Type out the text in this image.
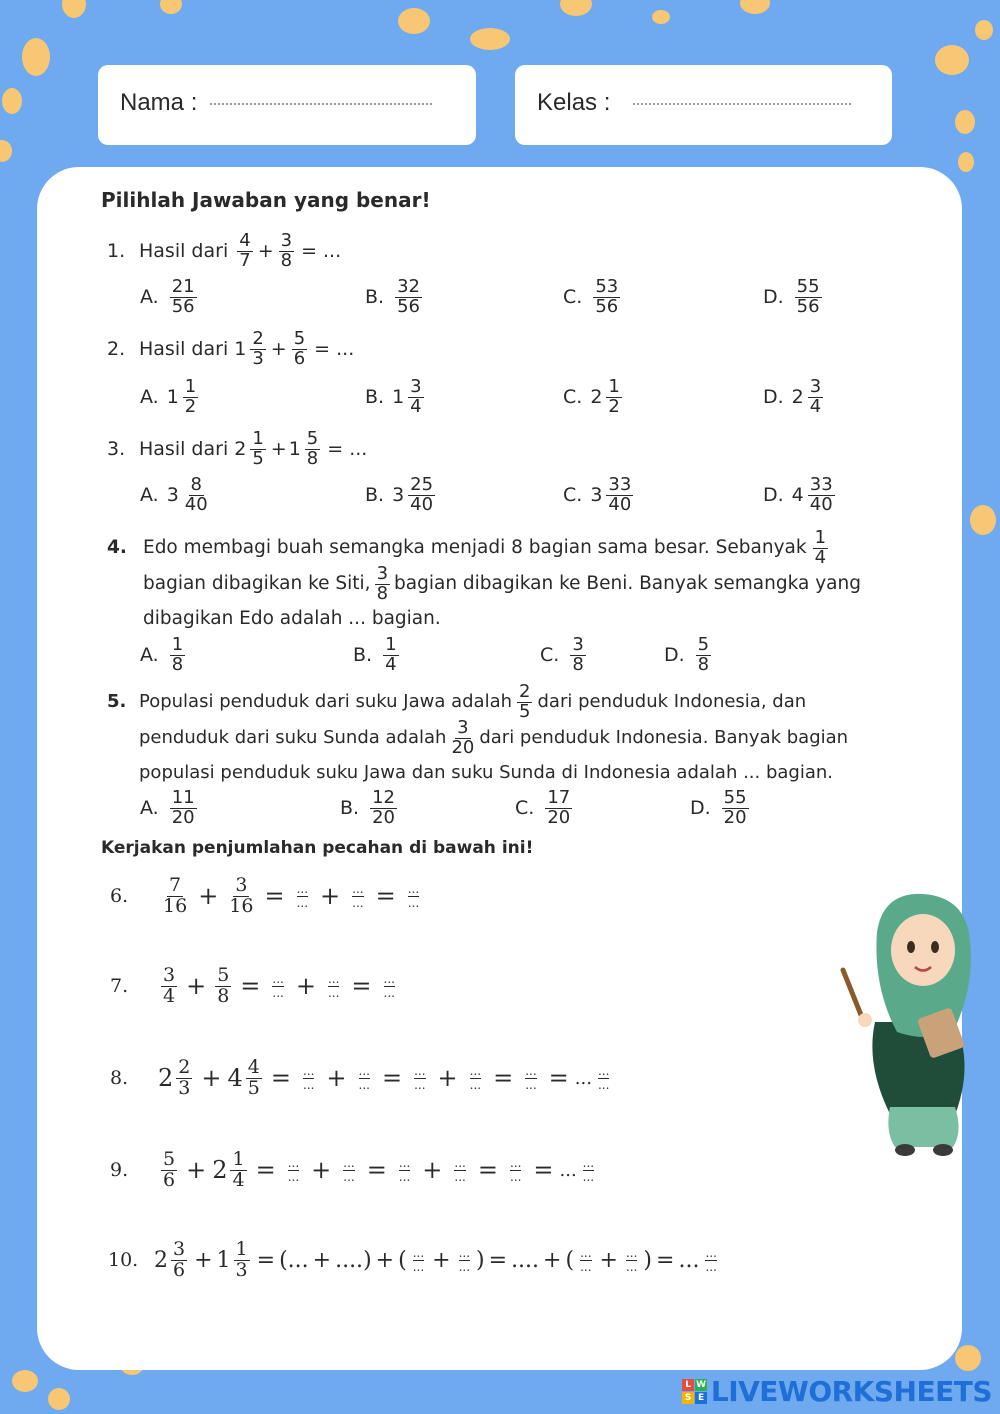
Nama :	Kelas :
Pilihlah Jawaban yang benar!
1. Hasil dari $\frac{4}{7} + \frac{3}{8}$ = ...
A. $\frac{21}{56}$	B. $\frac{32}{56}$	C. $\frac{53}{56}$	D. $\frac{55}{56}$
2. Hasil dari $1 \frac{2}{3} + \frac{5}{6}$ = ...
A. $1 \frac{1}{2}$	B. $1 \frac{3}{4}$	C. $2 \frac{1}{2}$	D. $2 \frac{3}{4}$
3. Hasil dari $2 \frac{1}{5} + 1 \frac{5}{8}$ = ...
A. $3 \frac{8}{40}$	B. $3 \frac{25}{40}$	C. $3 \frac{33}{40}$	D. $4 \frac{33}{40}$
4. Edo membagi buah semangka menjadi 8 bagian sama besar. Sebanyak $\frac{1}{4}$
bagian dibagikan ke Siti, $\frac{3}{8}$ bagian dibagikan ke Beni. Banyak semangka yang
dibagikan Edo adalah ... bagian.
A. $\frac{1}{8}$	B. $\frac{1}{4}$	C. $\frac{3}{8}$	D. $\frac{5}{8}$
5. Populasi penduduk dari suku Jawa adalah $\frac{2}{5}$ dari penduduk Indonesia, dan
penduduk dari suku Sunda adalah $\frac{3}{20}$ dari penduduk Indonesia. Banyak bagian
populasi penduduk suku Jawa dan suku Sunda di Indonesia adalah ... bagian.
A. $\frac{11}{20}$	B. $\frac{12}{20}$	C. $\frac{17}{20}$	D. $\frac{55}{20}$
Kerjakan penjumlahan pecahan di bawah ini!
6.	$\frac{7}{16} + \frac{3}{16}$ = ...
... + ...
... = ...
...
7.	$\frac{3}{4} + \frac{5}{8}$ = ...
... + ...
... = ...
...
8.	$2 \frac{2}{3} + 4 \frac{4}{5}$ = ...
... + ...
... = ...
... + ...
... = ...
... = ... ...
...
9.	$\frac{5}{6} + 2 \frac{1}{4}$ = ...
... + ...
... = ...
... + ...
... = ...
... = ... ...
...
10. $2 \frac{3}{6} + 1 \frac{1}{3}$ = ( ... + .... ) + ( ...
... + ...
... ) = .... + ( ...
... + ...
... ) = ... ...
...
L W
S E LIVEWORKSHEETS
